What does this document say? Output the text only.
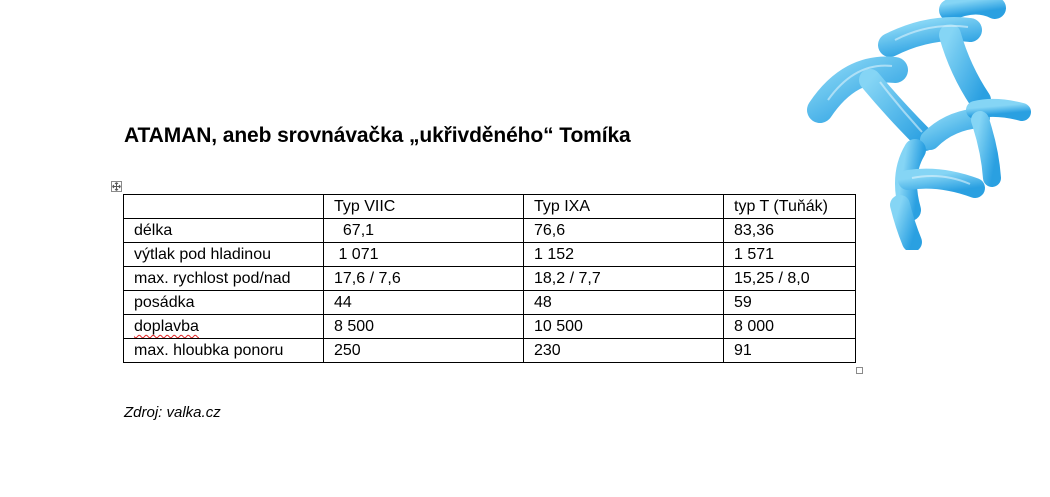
ATAMAN, aneb srovnávačka „ukřivděného“ Tomíka
	Typ VIIC	Typ IXA	typ T (Tuňák)
délka	67,1	76,6	83,36
výtlak pod hladinou	1 071	1 152	1 571
max. rychlost pod/nad	17,6 / 7,6	18,2 / 7,7	15,25 / 8,0
posádka	44	48	59
doplavba	8 500	10 500	8 000
max. hloubka ponoru	250	230	91
Zdroj: valka.cz
